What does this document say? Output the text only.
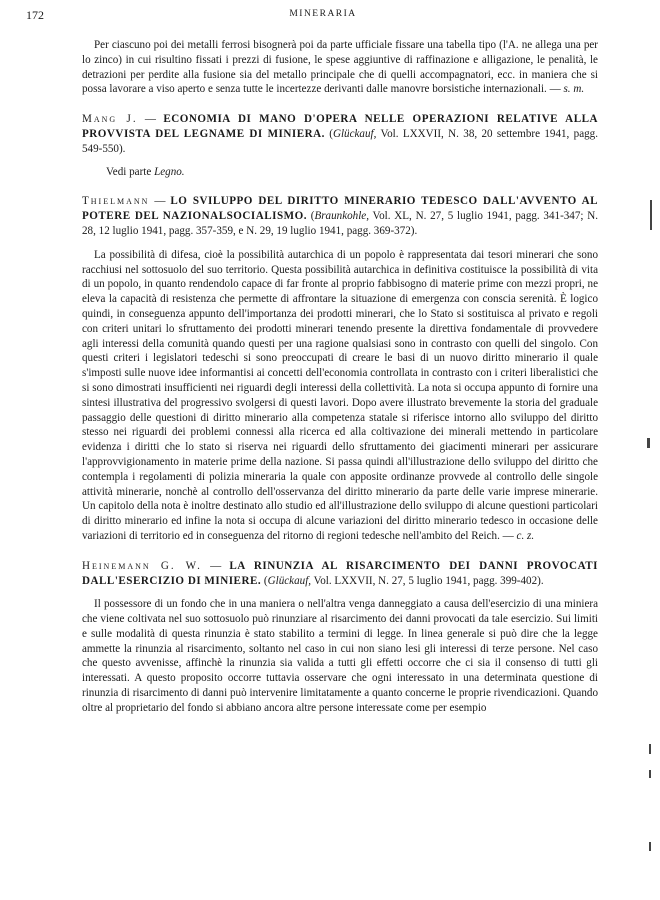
172	MINERARIA

Per ciascuno poi dei metalli ferrosi bisognerà poi da parte ufficiale fissare una tabella tipo (l'A. ne allega una per lo zinco) in cui risultino fissati i prezzi di fusione, le spese aggiuntive di raffinazione e alligazione, le penalità, le detrazioni per perdite alla fusione sia del metallo principale che di quelli accompagnatori, ecc. in maniera che si possa lavorare a viso aperto e senza tutte le incertezze derivanti dalle manovre borsistiche internazionali. — s. m.

Mang J. — ECONOMIA DI MANO D'OPERA NELLE OPERAZIONI RELATIVE ALLA PROVVISTA DEL LEGNAME DI MINIERA. (Glückauf, Vol. LXXVII, N. 38, 20 settembre 1941, pagg. 549-550).

Vedi parte Legno.

Thielmann — LO SVILUPPO DEL DIRITTO MINERARIO TEDESCO DALL'AVVENTO AL POTERE DEL NAZIONALSOCIALISMO. (Braunkohle, Vol. XL, N. 27, 5 luglio 1941, pagg. 341-347; N. 28, 12 luglio 1941, pagg. 357-359, e N. 29, 19 luglio 1941, pagg. 369-372).

La possibilità di difesa, cioè la possibilità autarchica di un popolo è rappresentata dai tesori minerari che sono racchiusi nel sottosuolo del suo territorio. Questa possibilità autarchica in definitiva costituisce la possibilità di vita di un popolo, in quanto rendendolo capace di far fronte al proprio fabbisogno di materie prime con mezzi propri, ne eleva la capacità di resistenza che permette di affrontare la situazione di emergenza con conscia serenità. È logico quindi, in conseguenza appunto dell'importanza dei prodotti minerari, che lo Stato si sostituisca al privato e regoli con criteri unitari lo sfruttamento dei prodotti minerari tenendo presente la direttiva fondamentale di provvedere agli interessi della comunità quando questi per una ragione qualsiasi sono in contrasto con quelli del singolo. Con questi criteri i legislatori tedeschi si sono preoccupati di creare le basi di un nuovo diritto minerario il quale s'imposti sulle nuove idee informantisi ai concetti dell'economia controllata in contrasto con i criteri liberalistici che si sono dimostrati insufficienti nei riguardi degli interessi della collettività. La nota si occupa appunto di fornire una sintesi illustrativa del progressivo svolgersi di questi lavori. Dopo avere illustrato brevemente la storia del graduale passaggio delle questioni di diritto minerario alla competenza statale si riferisce intorno allo sviluppo del diritto stesso nei riguardi dei problemi connessi alla ricerca ed alla coltivazione dei minerali mettendo in particolare evidenza i diritti che lo stato si riserva nei riguardi dello sfruttamento dei giacimenti minerari per assicurare l'approvvigionamento in materie prime della nazione. Si passa quindi all'illustrazione dello sviluppo del diritto che contempla i regolamenti di polizia mineraria la quale con apposite ordinanze provvede al controllo delle singole attività minerarie, nonchè al controllo dell'osservanza del diritto minerario da parte delle varie imprese minerarie. Un capitolo della nota è inoltre destinato allo studio ed all'illustrazione dello sviluppo di alcune questioni particolari di diritto minerario ed infine la nota si occupa di alcune variazioni del diritto minerario tedesco in occasione delle variazioni di territorio ed in conseguenza del ritorno di regioni tedesche nell'ambito del Reich. — c. z.

Heinemann G. W. — LA RINUNZIA AL RISARCIMENTO DEI DANNI PROVOCATI DALL'ESERCIZIO DI MINIERE. (Glückauf, Vol. LXXVII, N. 27, 5 luglio 1941, pagg. 399-402).

Il possessore di un fondo che in una maniera o nell'altra venga danneggiato a causa dell'esercizio di una miniera che viene coltivata nel suo sottosuolo può rinunziare al risarcimento dei danni provocati da tale esercizio. Sui limiti e sulle modalità di questa rinunzia è stato stabilito a termini di legge. In linea generale si può dire che la legge ammette la rinunzia al risarcimento, soltanto nel caso in cui non siano lesi gli interessi di terze persone. Nel caso che questo avvenisse, affinchè la rinunzia sia valida a tutti gli effetti occorre che ci sia il consenso di tutti gli interessati. A questo proposito occorre tuttavia osservare che ogni interessato in una determinata questione di rinunzia di risarcimento di danni può intervenire limitatamente a quanto concerne le proprie rivendicazioni. Quando oltre al proprietario del fondo si abbiano ancora altre persone interessate come per esempio
